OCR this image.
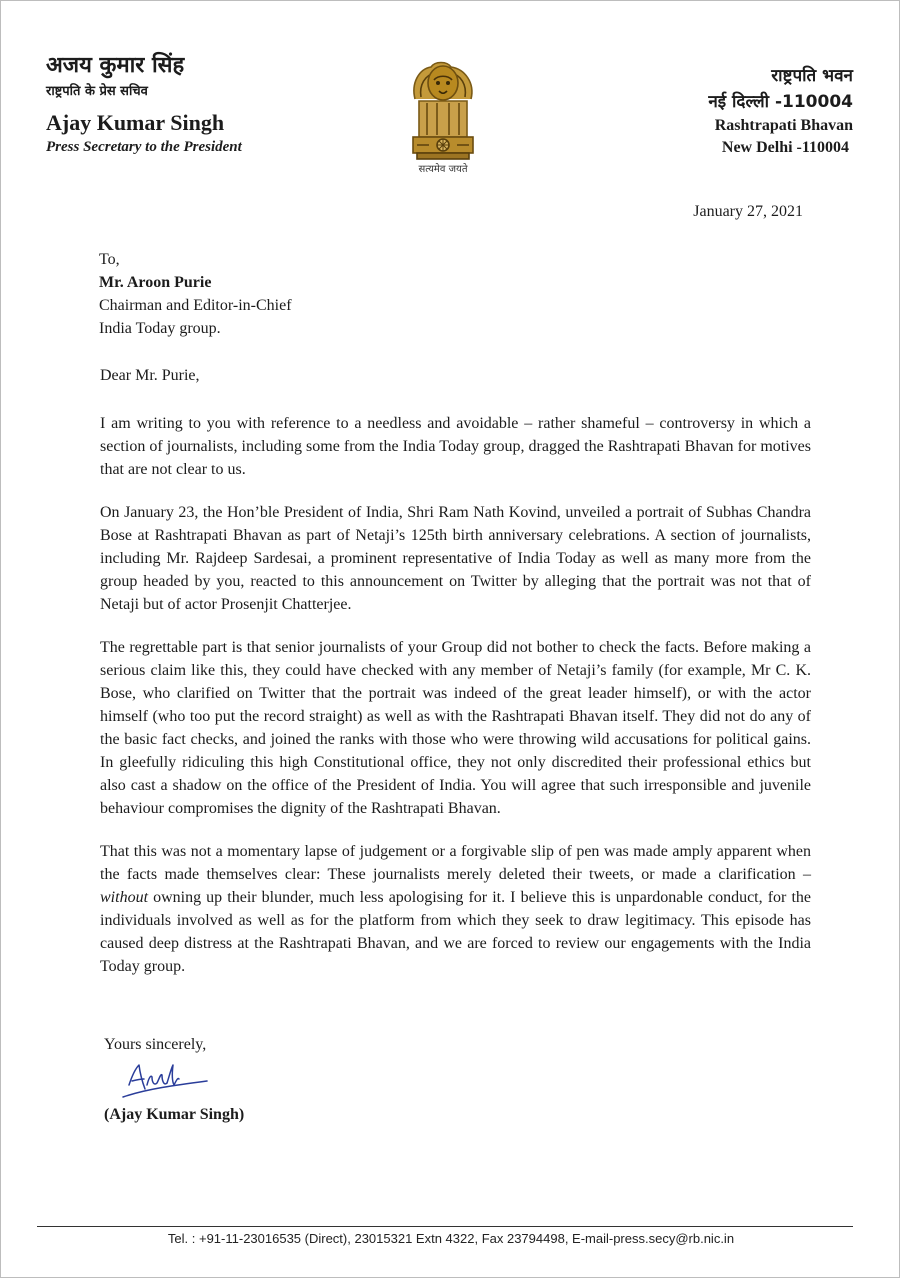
अजय कुमार सिंह
राष्ट्रपति के प्रेस सचिव
Ajay Kumar Singh
Press Secretary to the President
सत्यमेव जयते
राष्ट्रपति भवन
नई दिल्ली -110004
Rashtrapati Bhavan
New Delhi -110004
January 27, 2021
To,
Mr. Aroon Purie
Chairman and Editor-in-Chief
India Today group.
Dear Mr. Purie,

I am writing to you with reference to a needless and avoidable – rather shameful – controversy in which a section of journalists, including some from the India Today group, dragged the Rashtrapati Bhavan for motives that are not clear to us.

On January 23, the Hon’ble President of India, Shri Ram Nath Kovind, unveiled a portrait of Subhas Chandra Bose at Rashtrapati Bhavan as part of Netaji’s 125th birth anniversary celebrations. A section of journalists, including Mr. Rajdeep Sardesai, a prominent representative of India Today as well as many more from the group headed by you, reacted to this announcement on Twitter by alleging that the portrait was not that of Netaji but of actor Prosenjit Chatterjee.

The regrettable part is that senior journalists of your Group did not bother to check the facts. Before making a serious claim like this, they could have checked with any member of Netaji’s family (for example, Mr C. K. Bose, who clarified on Twitter that the portrait was indeed of the great leader himself), or with the actor himself (who too put the record straight) as well as with the Rashtrapati Bhavan itself. They did not do any of the basic fact checks, and joined the ranks with those who were throwing wild accusations for political gains. In gleefully ridiculing this high Constitutional office, they not only discredited their professional ethics but also cast a shadow on the office of the President of India. You will agree that such irresponsible and juvenile behaviour compromises the dignity of the Rashtrapati Bhavan.

That this was not a momentary lapse of judgement or a forgivable slip of pen was made amply apparent when the facts made themselves clear: These journalists merely deleted their tweets, or made a clarification – without owning up their blunder, much less apologising for it. I believe this is unpardonable conduct, for the individuals involved as well as for the platform from which they seek to draw legitimacy. This episode has caused deep distress at the Rashtrapati Bhavan, and we are forced to review our engagements with the India Today group.

Yours sincerely,
(Ajay Kumar Singh)
Tel. : +91-11-23016535 (Direct), 23015321 Extn 4322, Fax 23794498, E-mail-press.secy@rb.nic.in
